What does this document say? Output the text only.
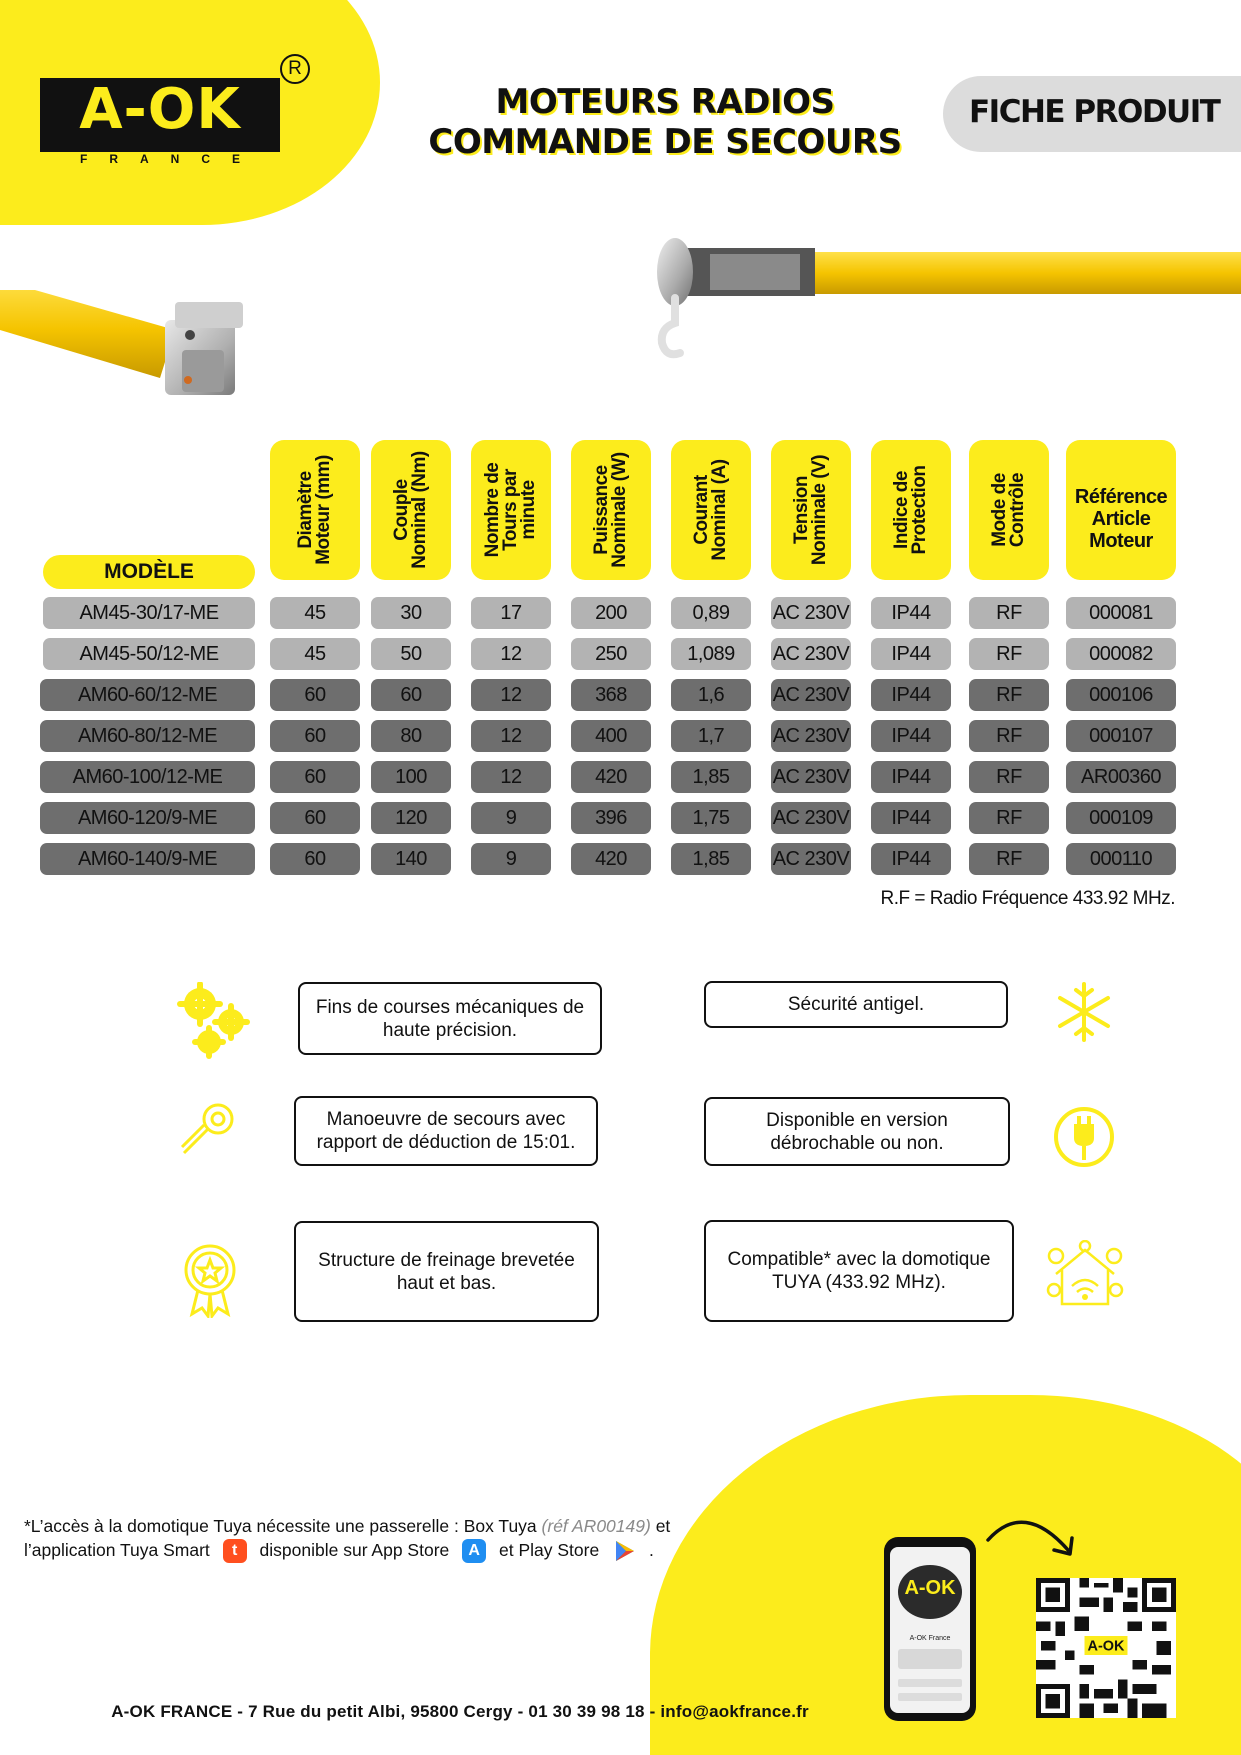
A-OK
FRANCE
R
MOTEURS RADIOS
COMMANDE DE SECOURS
FICHE PRODUIT
MODÈLE
Diamètre Moteur (mm)	Couple Nominal (Nm)	Nombre de Tours par minute	Puissance Nominale (W)	Courant Nominal (A)	Tension Nominale (V)	Indice de Protection	Mode de Contrôle	Référence Article Moteur
AM45-30/17-ME	45	30	17	200	0,89	AC 230V	IP44	RF	000081
AM45-50/12-ME	45	50	12	250	1,089	AC 230V	IP44	RF	000082
AM60-60/12-ME	60	60	12	368	1,6	AC 230V	IP44	RF	000106
AM60-80/12-ME	60	80	12	400	1,7	AC 230V	IP44	RF	000107
AM60-100/12-ME	60	100	12	420	1,85	AC 230V	IP44	RF	AR00360
AM60-120/9-ME	60	120	9	396	1,75	AC 230V	IP44	RF	000109
AM60-140/9-ME	60	140	9	420	1,85	AC 230V	IP44	RF	000110
R.F = Radio Fréquence 433.92 MHz.
Fins de courses mécaniques de haute précision.
Sécurité antigel.
Manoeuvre de secours avec rapport de déduction de 15:01.
Disponible en version débrochable ou non.
Structure de freinage brevetée haut et bas.
Compatible* avec la domotique TUYA (433.92 MHz).
*L’accès à la domotique Tuya nécessite une passerelle : Box Tuya (réf AR00149) et
l’application Tuya Smart t disponible sur App Store A et Play Store	.
A-OK
A-OK France	A-OK
A-OK FRANCE - 7 Rue du petit Albi, 95800 Cergy - 01 30 39 98 18 - info@aokfrance.fr
